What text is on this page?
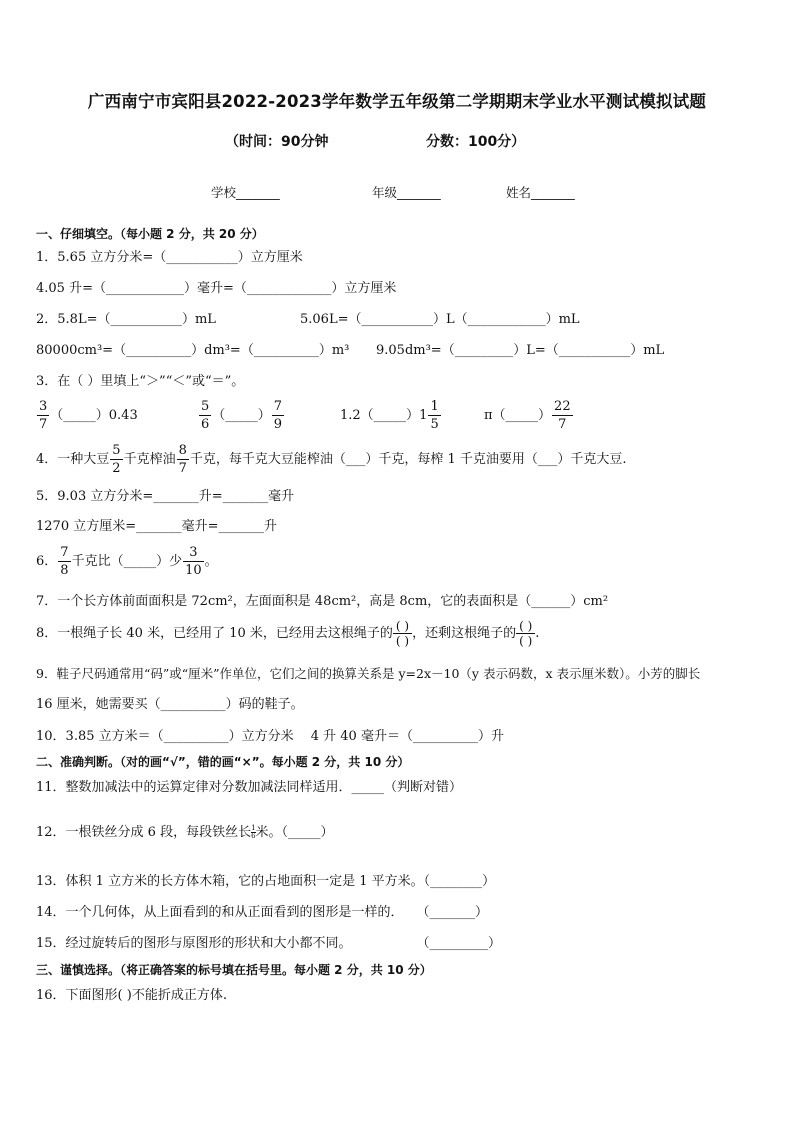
广西南宁市宾阳县2022-2023学年数学五年级第二学期期末学业水平测试模拟试题
（时间：90分钟                    分数：100分）
学校_______	年级_______	姓名_______
一、仔细填空。（每小题 2 分，共 20 分）
1．5.65 立方分米=（___________）立方厘米
4.05 升=（____________）毫升=（_____________）立方厘米
2．5.8L=（___________）mL	5.06L=（___________）L（____________）mL
80000cm³=（__________）dm³=（__________）m³ 9.05dm³=（_________）L=（___________）mL
3．在（ ）里填上“＞”“＜”或“＝”。
$\frac{3}{7}$ （_____）0.43	$\frac{5}{6}$ （_____） $\frac{7}{9}$	1.2（_____）1 $\frac{1}{5}$	π（_____） $\frac{22}{7}$
4．一种大豆 $\frac{5}{2}$ 千克榨油 $\frac{8}{7}$ 千克，每千克大豆能榨油（___）千克，每榨 1 千克油要用（___）千克大豆.
5．9.03 立方分米=_______升=_______毫升
1270 立方厘米=_______毫升=_______升
6． $\frac{7}{8}$ 千克比（_____）少 $\frac{3}{10}$ 。
7．一个长方体前面面积是 72cm²，左面面积是 48cm²，高是 8cm，它的表面积是（______）cm²
8．一根绳子长 40 米，已经用了 10 米，已经用去这根绳子的 ( )
( ) ，还剩这根绳子的 ( )
( ) .
9．鞋子尺码通常用“码”或“厘米”作单位，它们之间的换算关系是 y=2x－10（y 表示码数，x 表示厘米数）。小芳的脚长
16 厘米，她需要买（__________）码的鞋子。
10．3.85 立方米＝（__________）立方分米　 4 升 40 毫升＝（__________）升
二、准确判断。（对的画“√”，错的画“×”。每小题 2 分，共 10 分）
11．整数加减法中的运算定律对分数加减法同样适用．_____（判断对错）
12．一根铁丝分成 6 段，每段铁丝长 $\frac{1}{6}$ 米。（_____）
13．体积 1 立方米的长方体木箱，它的占地面积一定是 1 平方米。（________）
14．一个几何体，从上面看到的和从正面看到的图形是一样的．　　（_______）
15．经过旋转后的图形与原图形的形状和大小都不同。　　　　　　（_________）
三、谨慎选择。（将正确答案的标号填在括号里。每小题 2 分，共 10 分）
16．下面图形( )不能折成正方体.
